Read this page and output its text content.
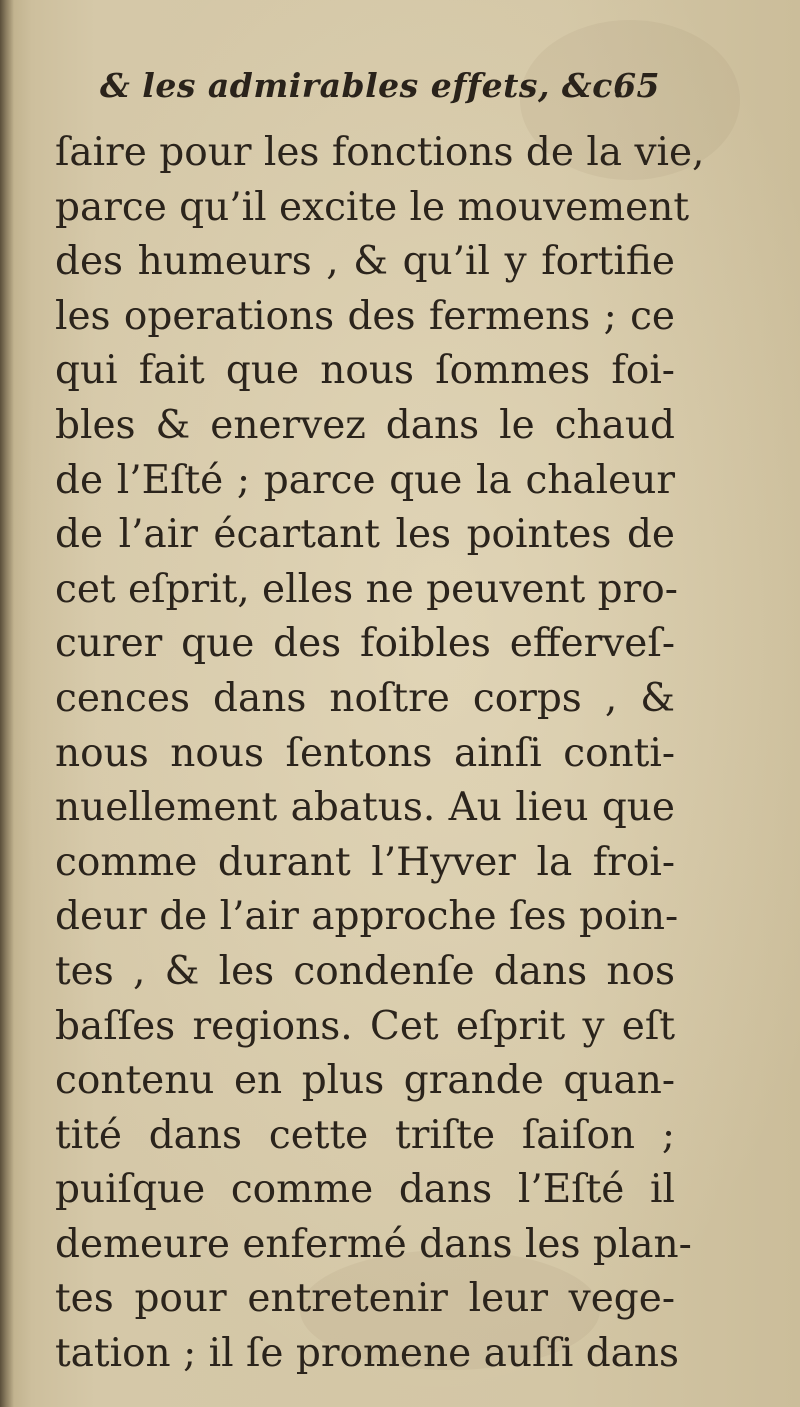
& les admirables effets, &c.
65
ſaire pour les fonctions de la vie,
parce qu’il excite le mouvement
des humeurs , & qu’il y fortifie
les operations des fermens ; ce
qui fait que nous ſommes foi-
bles & enervez dans le chaud
de l’Eſté ; parce que la chaleur
de l’air écartant les pointes de
cet eſprit, elles ne peuvent pro-
curer que des foibles efferveſ-
cences dans noſtre corps , &
nous nous ſentons ainſi conti-
nuellement abatus. Au lieu que
comme durant l’Hyver la froi-
deur de l’air approche ſes poin-
tes , & les condenſe dans nos
baſſes regions. Cet eſprit y eſt
contenu en plus grande quan-
tité dans cette triſte ſaiſon ;
puiſque comme dans l’Eſté il
demeure enfermé dans les plan-
tes pour entretenir leur vege-
tation ; il ſe promene auſſi dans
